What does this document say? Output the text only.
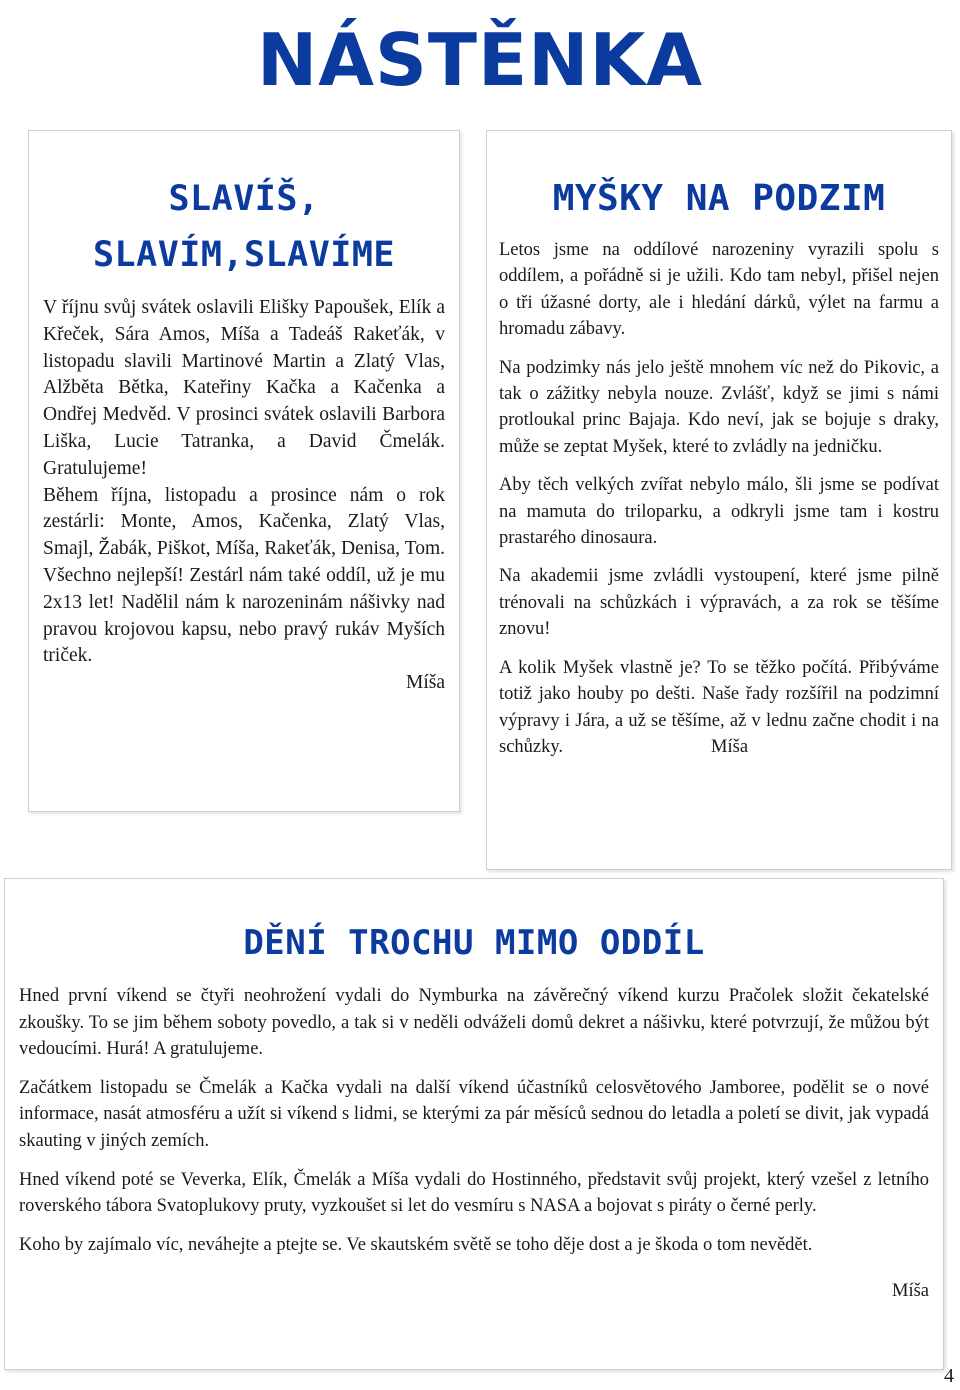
NÁSTĚNKA
SLAVÍŠ, SLAVÍM,SLAVÍME

V říjnu svůj svátek oslavili Elišky Papoušek, Elík a Křeček, Sára Amos, Míša a Tadeáš Rakeťák, v listopadu slavili Martinové Martin a Zlatý Vlas, Alžběta Bětka, Kateřiny Kačka a Kačenka a Ondřej Medvěd. V prosinci svátek oslavili Barbora Liška, Lucie Tatranka, a David Čmelák. Gratulujeme!

Během října, listopadu a prosince nám o rok zestárli: Monte, Amos, Kačenka, Zlatý Vlas, Smajl, Žabák, Piškot, Míša, Rakeťák, Denisa, Tom. Všechno nejlepší! Zestárl nám také oddíl, už je mu 2x13 let! Nadělil nám k narozeninám nášivky nad pravou krojovou kapsu, nebo pravý rukáv Myších triček.

Míša

MYŠKY NA PODZIM

Letos jsme na oddílové narozeniny vyrazili spolu s oddílem, a pořádně si je užili. Kdo tam nebyl, přišel nejen o tři úžasné dorty, ale i hledání dárků, výlet na farmu a hromadu zábavy.

Na podzimky nás jelo ještě mnohem víc než do Pikovic, a tak o zážitky nebyla nouze. Zvlášť, když se jimi s námi protloukal princ Bajaja. Kdo neví, jak se bojuje s draky, může se zeptat Myšek, které to zvládly na jedničku.

Aby těch velkých zvířat nebylo málo, šli jsme se podívat na mamuta do triloparku, a odkryli jsme tam i kostru prastarého dinosaura.

Na akademii jsme zvládli vystoupení, které jsme pilně trénovali na schůzkách i výpravách, a za rok se těšíme znovu!

A kolik Myšek vlastně je? To se těžko počítá. Přibýváme totiž jako houby po dešti. Naše řady rozšířil na podzimní výpravy i Jára, a už se těšíme, až v lednu začne chodit i na schůzky.	Míša

DĚNÍ TROCHU MIMO ODDÍL

Hned první víkend se čtyři neohrožení vydali do Nymburka na závěrečný víkend kurzu Pračolek složit čekatelské zkoušky. To se jim během soboty povedlo, a tak si v neděli odváželi domů dekret a nášivku, které potvrzují, že můžou být vedoucími. Hurá! A gratulujeme.

Začátkem listopadu se Čmelák a Kačka vydali na další víkend účastníků celosvětového Jamboree, podělit se o nové informace, nasát atmosféru a užít si víkend s lidmi, se kterými za pár měsíců sednou do letadla a poletí se divit, jak vypadá skauting v jiných zemích.

Hned víkend poté se Veverka, Elík, Čmelák a Míša vydali do Hostinného, představit svůj projekt, který vzešel z letního roverského tábora Svatoplukovy pruty, vyzkoušet si let do vesmíru s NASA a bojovat s piráty o černé perly.

Koho by zajímalo víc, neváhejte a ptejte se. Ve skautském světě se toho děje dost a je škoda o tom nevědět.

Míša

4
